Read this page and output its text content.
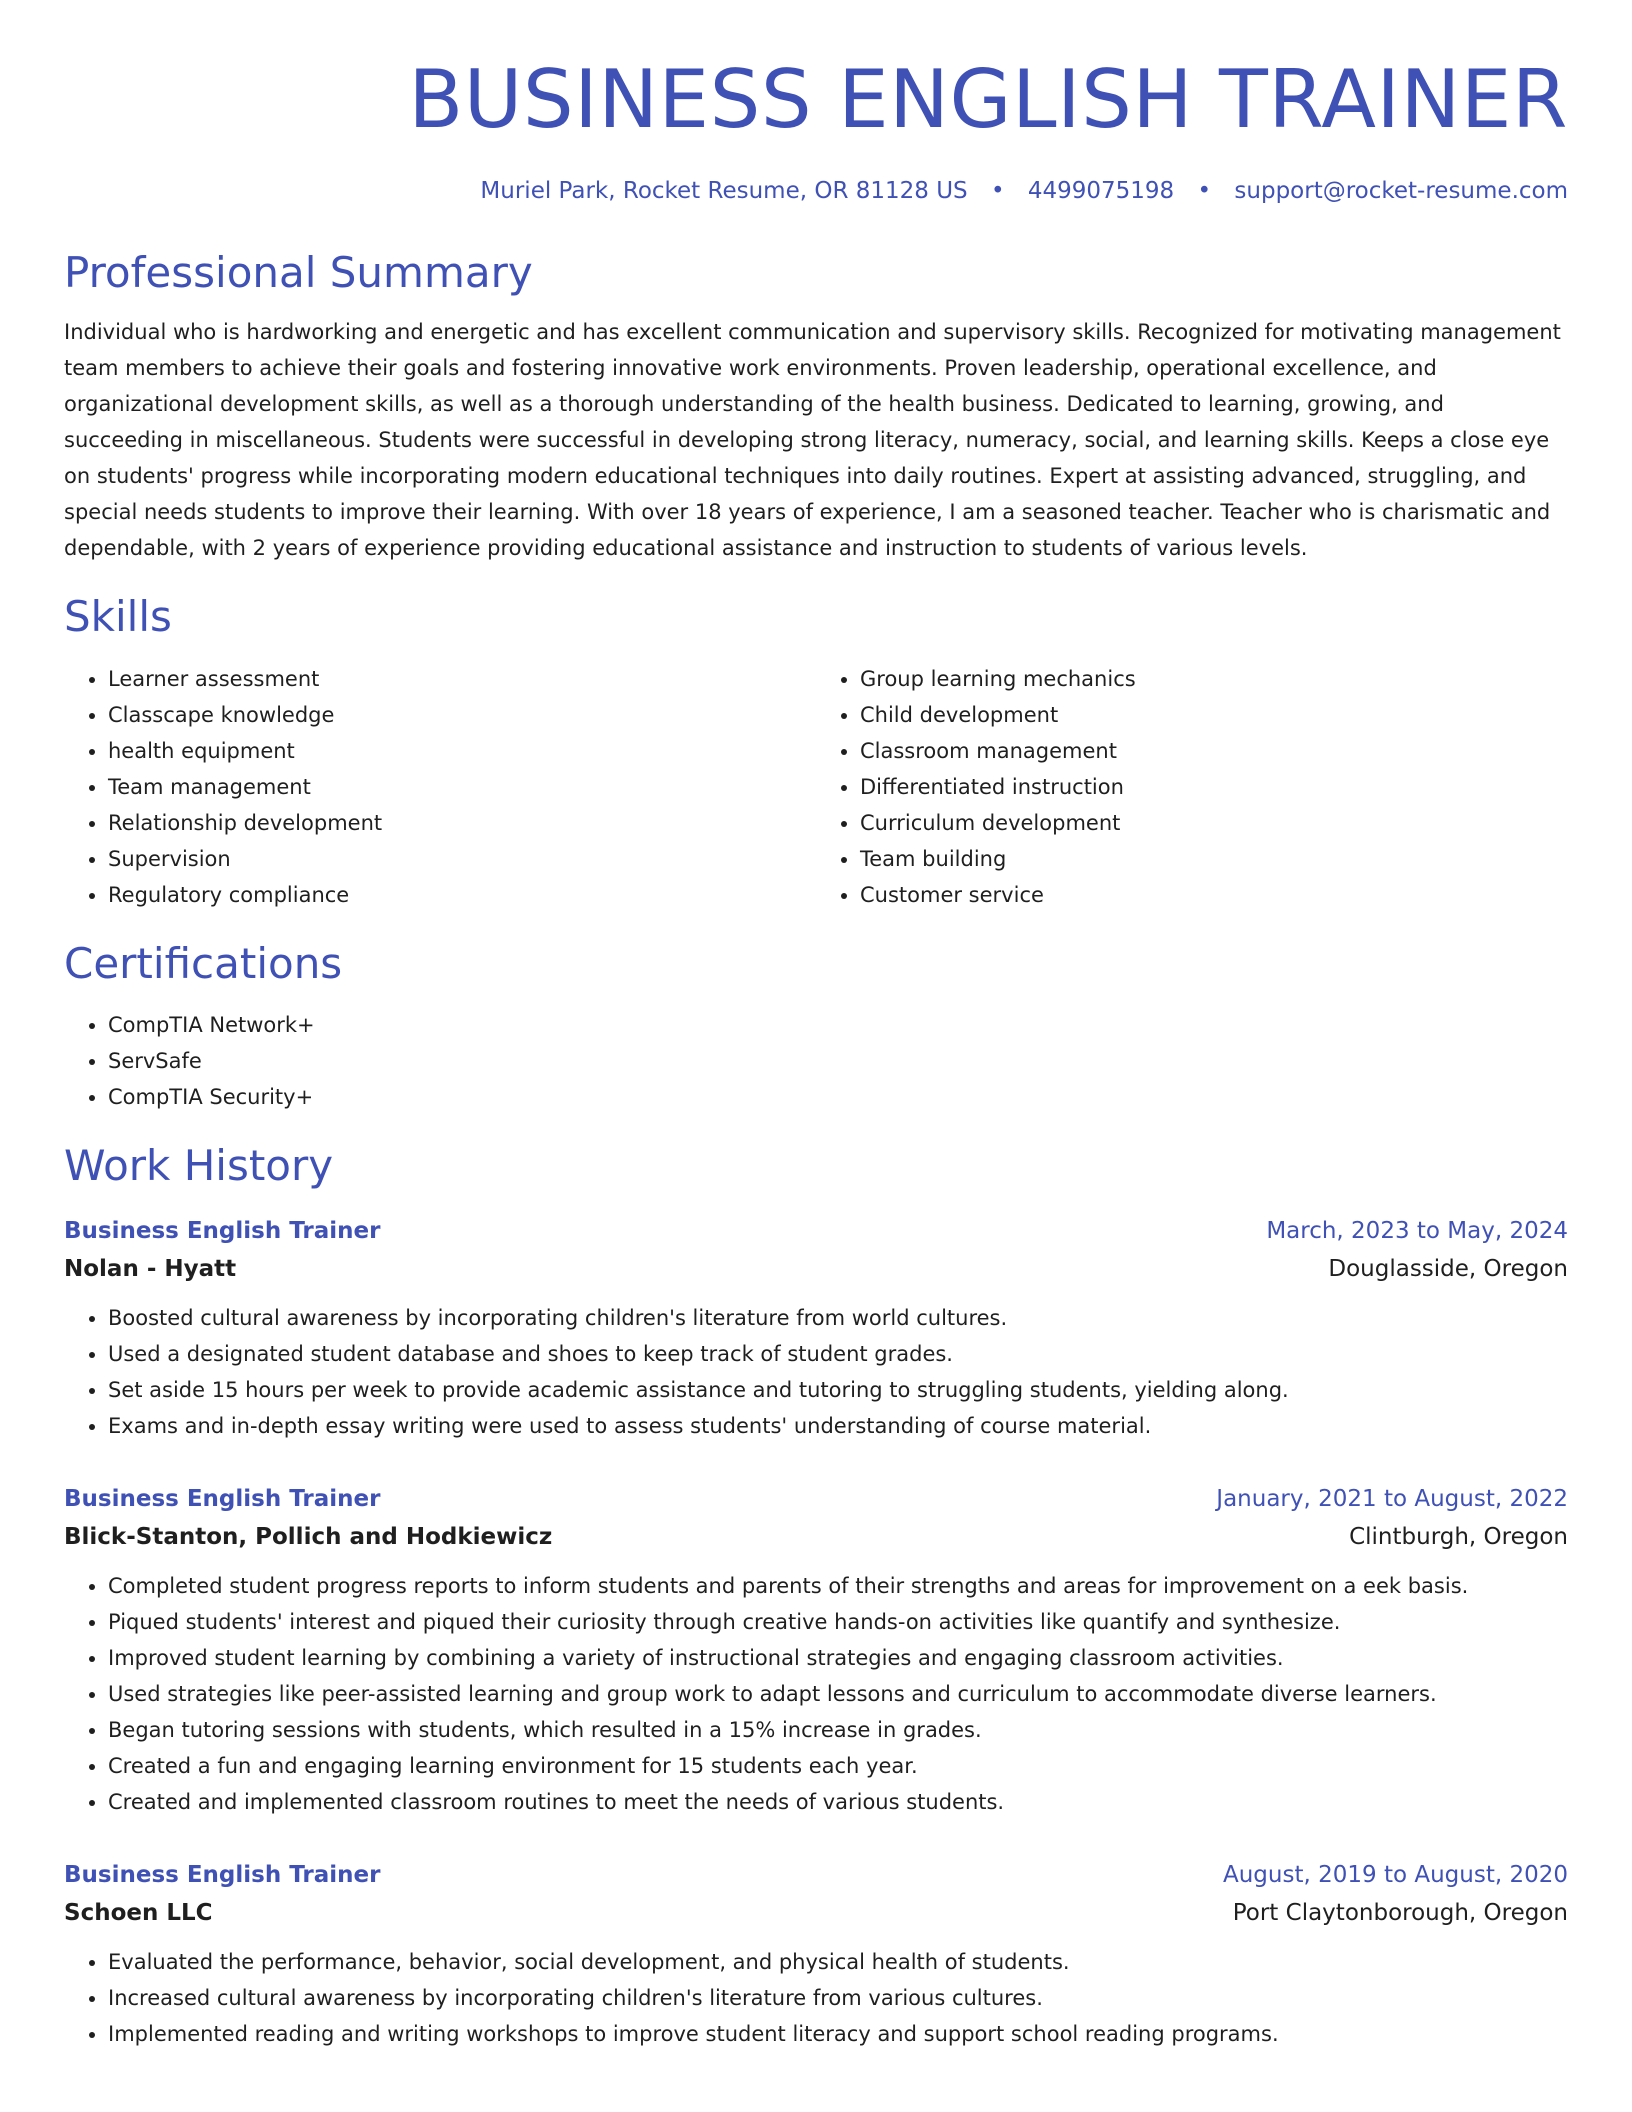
BUSINESS ENGLISH TRAINER
Muriel Park, Rocket Resume, OR 81128 US • 4499075198 • support@rocket-resume.com
Professional Summary

Individual who is hardworking and energetic and has excellent communication and supervisory skills. Recognized for motivating management team members to achieve their goals and fostering innovative work environments. Proven leadership, operational excellence, and organizational development skills, as well as a thorough understanding of the health business. Dedicated to learning, growing, and succeeding in miscellaneous. Students were successful in developing strong literacy, numeracy, social, and learning skills. Keeps a close eye on students' progress while incorporating modern educational techniques into daily routines. Expert at assisting advanced, struggling, and special needs students to improve their learning. With over 18 years of experience, I am a seasoned teacher. Teacher who is charismatic and dependable, with 2 years of experience providing educational assistance and instruction to students of various levels.

Skills
• Learner assessment
• Classcape knowledge
• health equipment
• Team management
• Relationship development
• Supervision
• Regulatory compliance
• Group learning mechanics
• Child development
• Classroom management
• Differentiated instruction
• Curriculum development
• Team building
• Customer service
Certifications
• CompTIA Network+
• ServSafe
• CompTIA Security+
Work History
Business English Trainer	March, 2023 to May, 2024
Nolan - Hyatt	Douglasside, Oregon
• Boosted cultural awareness by incorporating children's literature from world cultures.
• Used a designated student database and shoes to keep track of student grades.
• Set aside 15 hours per week to provide academic assistance and tutoring to struggling students, yielding along.
• Exams and in-depth essay writing were used to assess students' understanding of course material.
Business English Trainer	January, 2021 to August, 2022
Blick-Stanton, Pollich and Hodkiewicz	Clintburgh, Oregon
• Completed student progress reports to inform students and parents of their strengths and areas for improvement on a eek basis.
• Piqued students' interest and piqued their curiosity through creative hands-on activities like quantify and synthesize.
• Improved student learning by combining a variety of instructional strategies and engaging classroom activities.
• Used strategies like peer-assisted learning and group work to adapt lessons and curriculum to accommodate diverse learners.
• Began tutoring sessions with students, which resulted in a 15% increase in grades.
• Created a fun and engaging learning environment for 15 students each year.
• Created and implemented classroom routines to meet the needs of various students.
Business English Trainer	August, 2019 to August, 2020
Schoen LLC	Port Claytonborough, Oregon
• Evaluated the performance, behavior, social development, and physical health of students.
• Increased cultural awareness by incorporating children's literature from various cultures.
• Implemented reading and writing workshops to improve student literacy and support school reading programs.
